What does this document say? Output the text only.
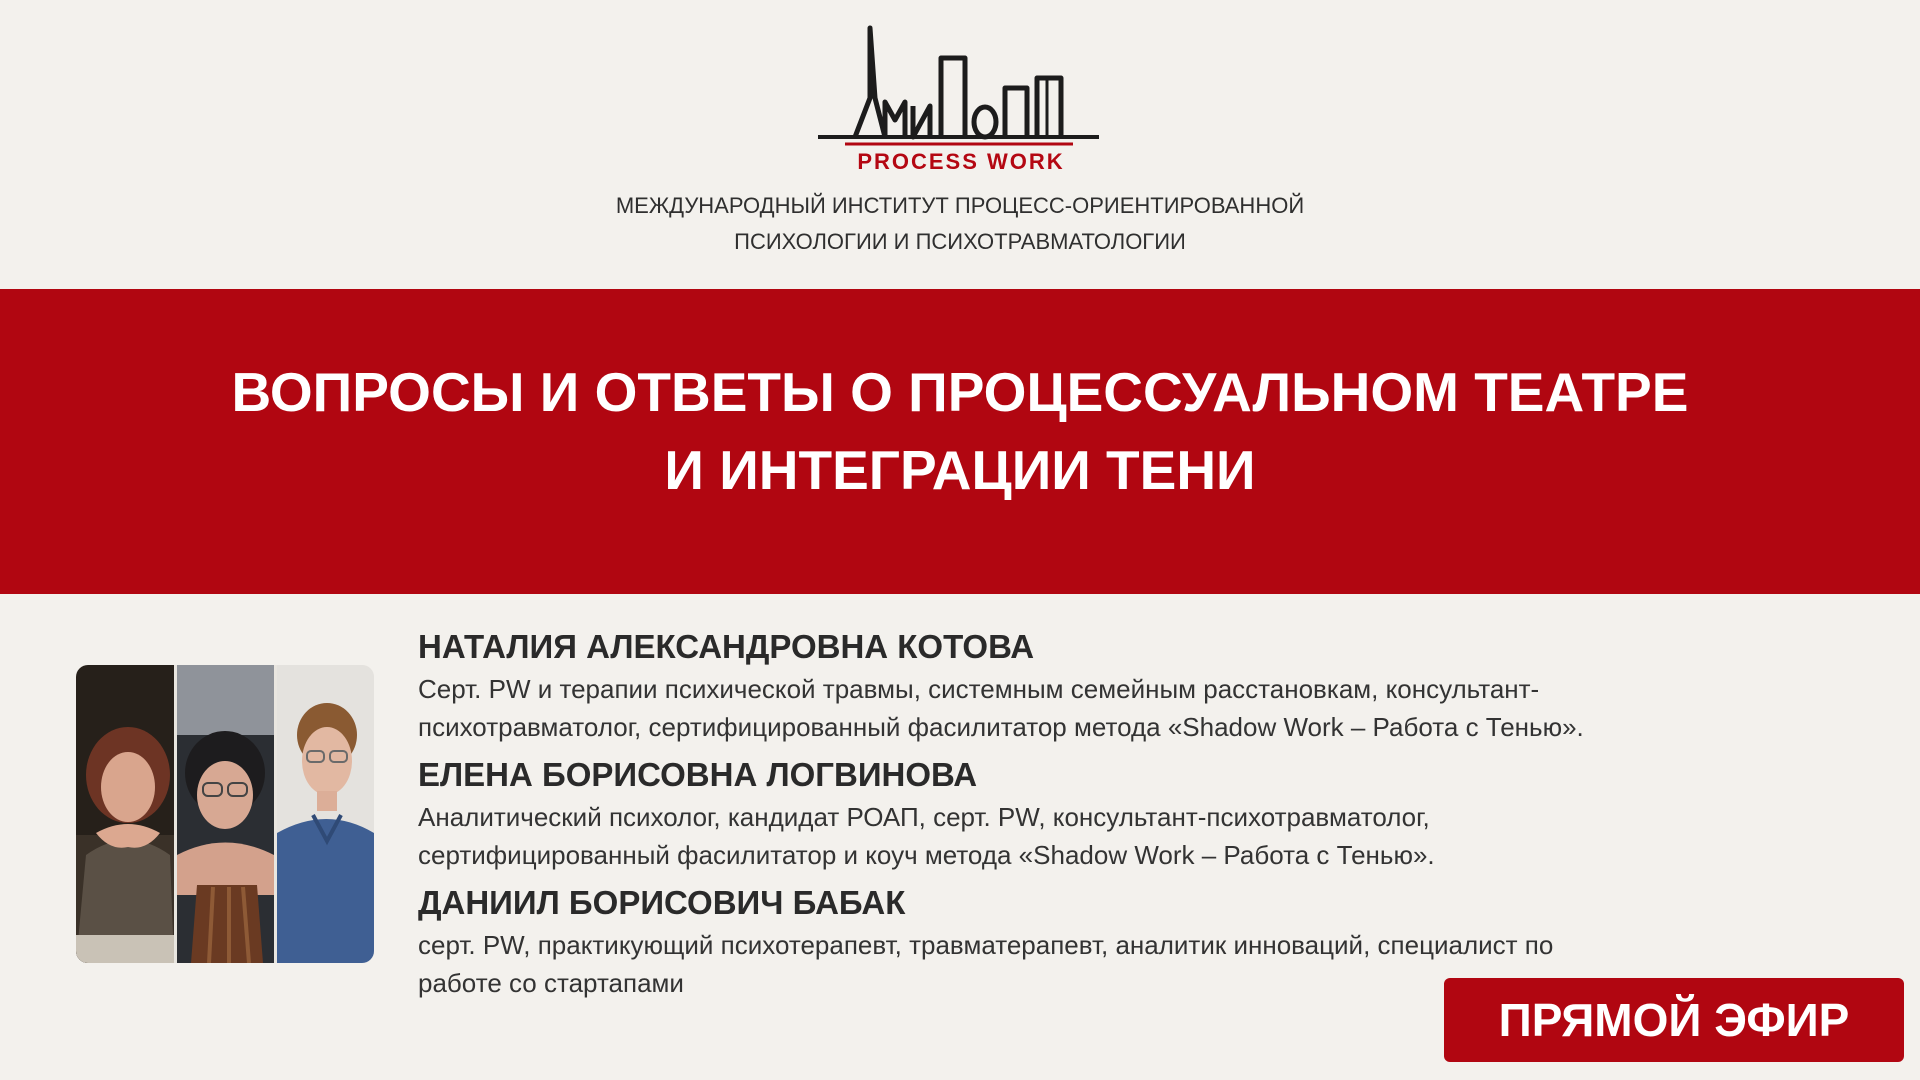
PROCESS WORK
МЕЖДУНАРОДНЫЙ ИНСТИТУТ ПРОЦЕСС-ОРИЕНТИРОВАННОЙ
ПСИХОЛОГИИ И ПСИХОТРАВМАТОЛОГИИ
ВОПРОСЫ И ОТВЕТЫ О ПРОЦЕССУАЛЬНОМ ТЕАТРЕ
И ИНТЕГРАЦИИ ТЕНИ
НАТАЛИЯ АЛЕКСАНДРОВНА КОТОВА
Серт. PW и терапии психической травмы, системным семейным расстановкам, консультант-
психотравматолог, сертифицированный фасилитатор метода «Shadow Work – Работа с Тенью».
ЕЛЕНА БОРИСОВНА ЛОГВИНОВА
Аналитический психолог, кандидат РОАП, серт. PW, консультант-психотравматолог,
сертифицированный фасилитатор и коуч метода «Shadow Work – Работа с Тенью».
ДАНИИЛ БОРИСОВИЧ БАБАК
серт. PW, практикующий психотерапевт, травматерапевт, аналитик инноваций, специалист по
работе со стартапами
ПРЯМОЙ ЭФИР
